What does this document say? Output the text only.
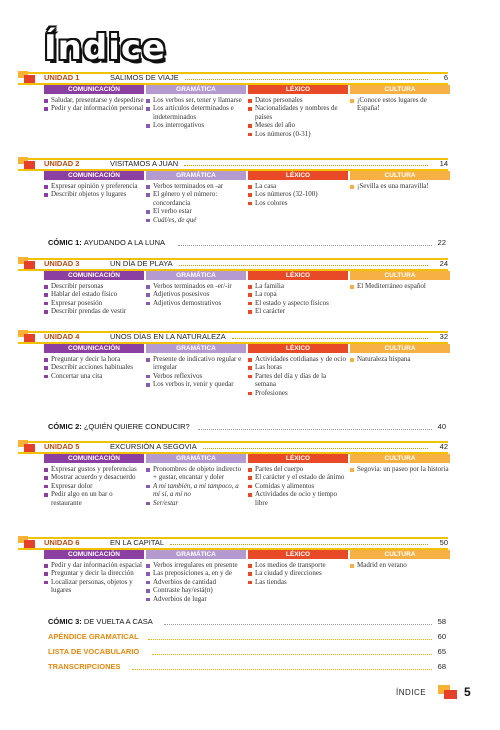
Índice
UNIDAD 1	SALIMOS DE VIAJE	6
COMUNICACIÓN
Saludar, presentarse y despedirse
Pedir y dar información personal
GRAMÁTICA
Los verbos ser, tener y llamarse
Los artículos determinados e indeterminados
Los interrogativos
LÉXICO
Datos personales
Nacionalidades y nombres de países
Meses del año
Los números (0-31)
CULTURA
¡Conoce estos lugares de España!
UNIDAD 2	VISITAMOS A JUAN	14
COMUNICACIÓN
Expresar opinión y preferencia
Describir objetos y lugares
GRAMÁTICA
Verbos terminados en -ar
El género y el número: concordancia
El verbo estar
Cuál/es, de qué
LÉXICO
La casa
Los números (32-100)
Los colores
CULTURA
¡Sevilla es una maravilla!
CÓMIC 1: AYUDANDO A LA LUNA	22
UNIDAD 3	UN DÍA DE PLAYA	24
COMUNICACIÓN
Describir personas
Hablar del estado físico
Expresar posesión
Describir prendas de vestir
GRAMÁTICA
Verbos terminados en -er/-ir
Adjetivos posesivos
Adjetivos demostrativos
LÉXICO
La familia
La ropa
El estado y aspecto físicos
El carácter
CULTURA
El Mediterráneo español
UNIDAD 4	UNOS DÍAS EN LA NATURALEZA	32
COMUNICACIÓN
Preguntar y decir la hora
Describir acciones habituales
Concertar una cita
GRAMÁTICA
Presente de indicativo regular e irregular
Verbos reflexivos
Los verbos ir, venir y quedar
LÉXICO
Actividades cotidianas y de ocio
Las horas
Partes del día y días de la semana
Profesiones
CULTURA
Naturaleza hispana
CÓMIC 2: ¿QUIÉN QUIERE CONDUCIR?	40
UNIDAD 5	EXCURSIÓN A SEGOVIA	42
COMUNICACIÓN
Expresar gustos y preferencias
Mostrar acuerdo y desacuerdo
Expresar dolor
Pedir algo en un bar o restaurante
GRAMÁTICA
Pronombres de objeto indirecto + gustar, encantar y doler
A mí también, a mí tampoco, a mí sí, a mí no
Ser/estar
LÉXICO
Partes del cuerpo
El carácter y el estado de ánimo
Comidas y alimentos
Actividades de ocio y tiempo libre
CULTURA
Segovia: un paseo por la historia
UNIDAD 6	EN LA CAPITAL	50
COMUNICACIÓN
Pedir y dar información espacial
Preguntar y decir la dirección
Localizar personas, objetos y lugares
GRAMÁTICA
Verbos irregulares en presente
Las preposiciones a, en y de
Adverbios de cantidad
Contraste hay/está(n)
Adverbios de lugar
LÉXICO
Los medios de transporte
La ciudad y direcciones
Las tiendas
CULTURA
Madrid en verano
CÓMIC 3: DE VUELTA A CASA	58
APÉNDICE GRAMATICAL	60
LISTA DE VOCABULARIO	65
TRANSCRIPCIONES	68
ÍNDICE	5
